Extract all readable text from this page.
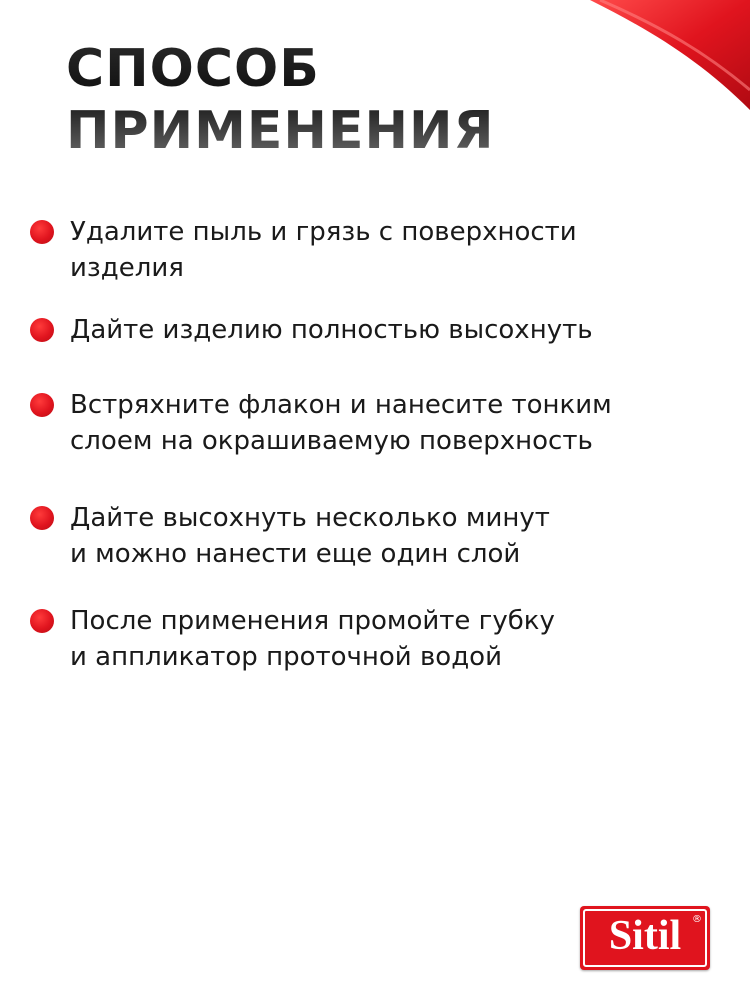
СПОСОБ
ПРИМЕНЕНИЯ

Удалите пыль и грязь с поверхности
изделия

Дайте изделию полностью высохнуть

Встряхните флакон и нанесите тонким
слоем на окрашиваемую поверхность

Дайте высохнуть несколько минут
и можно нанести еще один слой

После применения промойте губку
и аппликатор проточной водой

Sitil	®
